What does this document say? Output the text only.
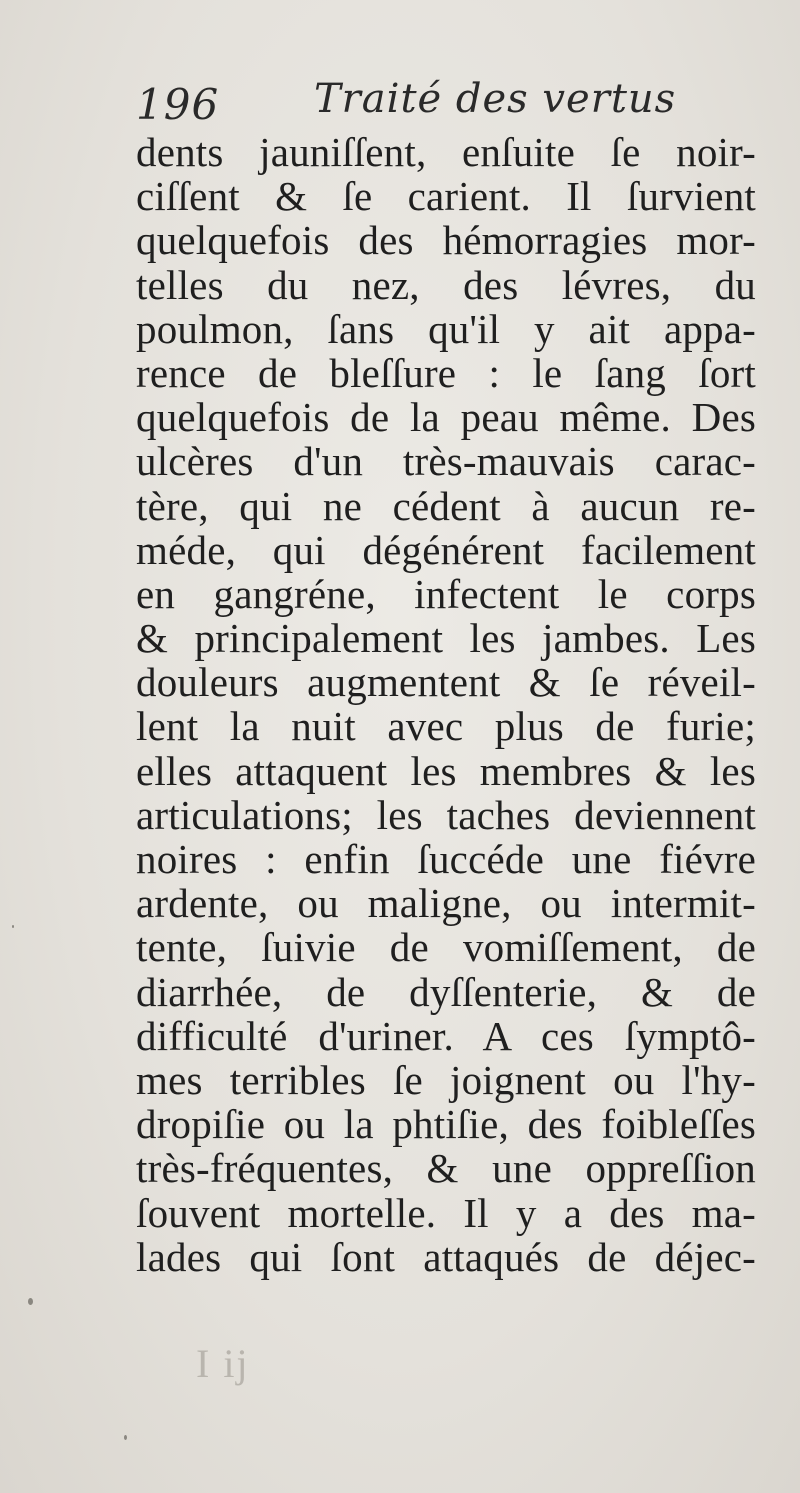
196 Traité des vertus
dents jauniſſent, enſuite ſe noir-
ciſſent & ſe carient. Il ſurvient
quelquefois des hémorragies mor-
telles du nez, des lévres, du
poulmon, ſans qu'il y ait appa-
rence de bleſſure : le ſang ſort
quelquefois de la peau même. Des
ulcères d'un très-mauvais carac-
tère, qui ne cédent à aucun re-
méde, qui dégénérent facilement
en gangréne, infectent le corps
& principalement les jambes. Les
douleurs augmentent & ſe réveil-
lent la nuit avec plus de furie;
elles attaquent les membres & les
articulations; les taches deviennent
noires : enfin ſuccéde une fiévre
ardente, ou maligne, ou intermit-
tente, ſuivie de vomiſſement, de
diarrhée, de dyſſenterie, & de
difficulté d'uriner. A ces ſymptô-
mes terribles ſe joignent ou l'hy-
dropiſie ou la phtiſie, des foibleſſes
très-fréquentes, & une oppreſſion
ſouvent mortelle. Il y a des ma-
lades qui ſont attaqués de déjec-
I ij
